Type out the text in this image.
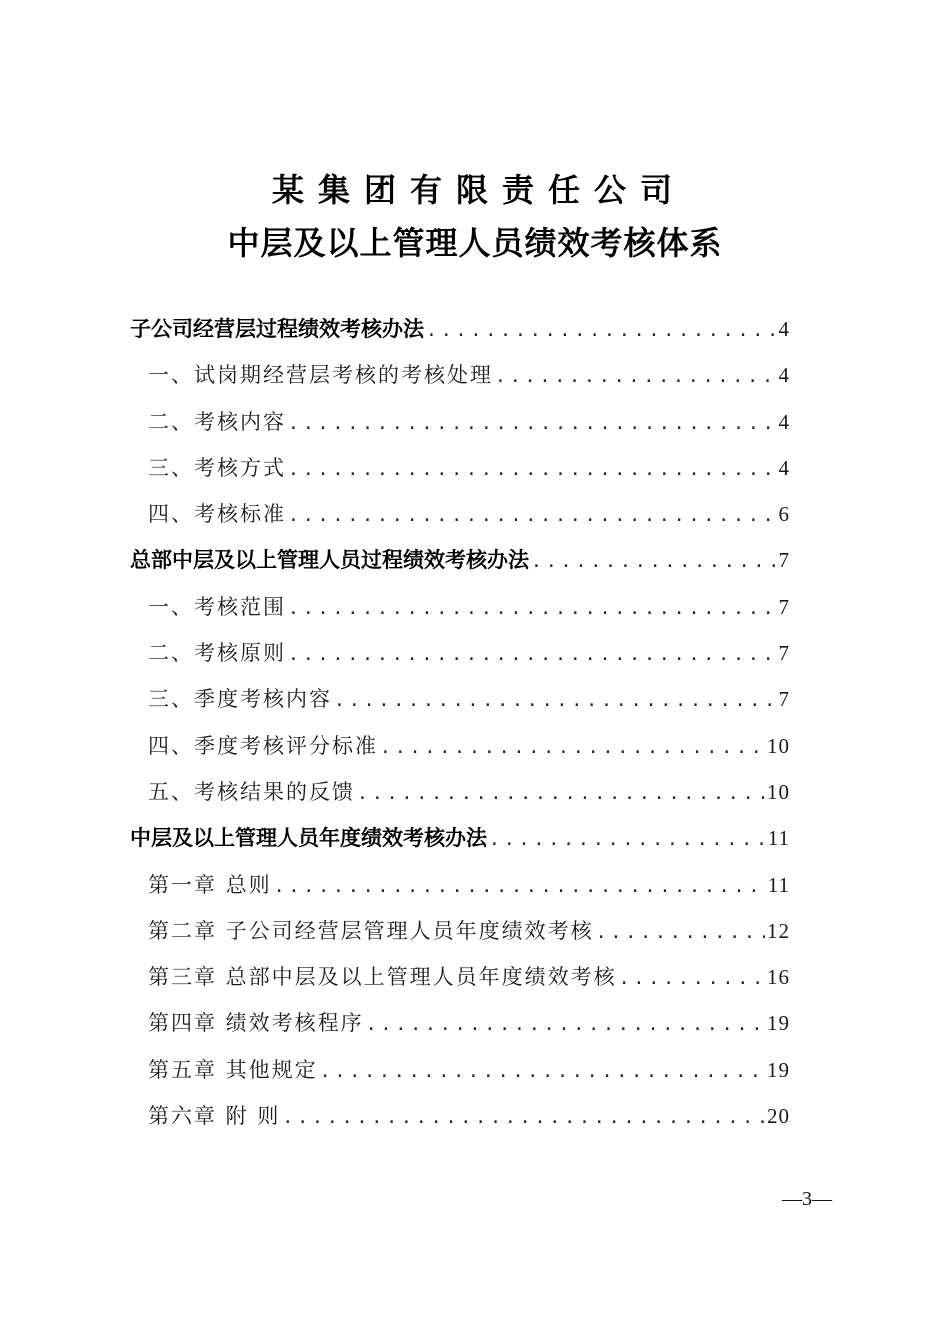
某集团有限责任公司
中层及以上管理人员绩效考核体系
子公司经营层过程绩效考核办法 .....	4
一、试岗期经营层考核的考核处理 .....	4
二、考核内容 .....	4
三、考核方式 .....	4
四、考核标准 .....	6
总部中层及以上管理人员过程绩效考核办法 .....	7
一、考核范围 .....	7
二、考核原则 .....	7
三、季度考核内容 .....	7
四、季度考核评分标准 .....	10
五、考核结果的反馈 .....	10
中层及以上管理人员年度绩效考核办法 .....	11
第一章 总则 .....	11
第二章 子公司经营层管理人员年度绩效考核 .....	12
第三章 总部中层及以上管理人员年度绩效考核 .....	16
第四章 绩效考核程序 .....	19
第五章 其他规定 .....	19
第六章 附 则 .....	20
—3—
